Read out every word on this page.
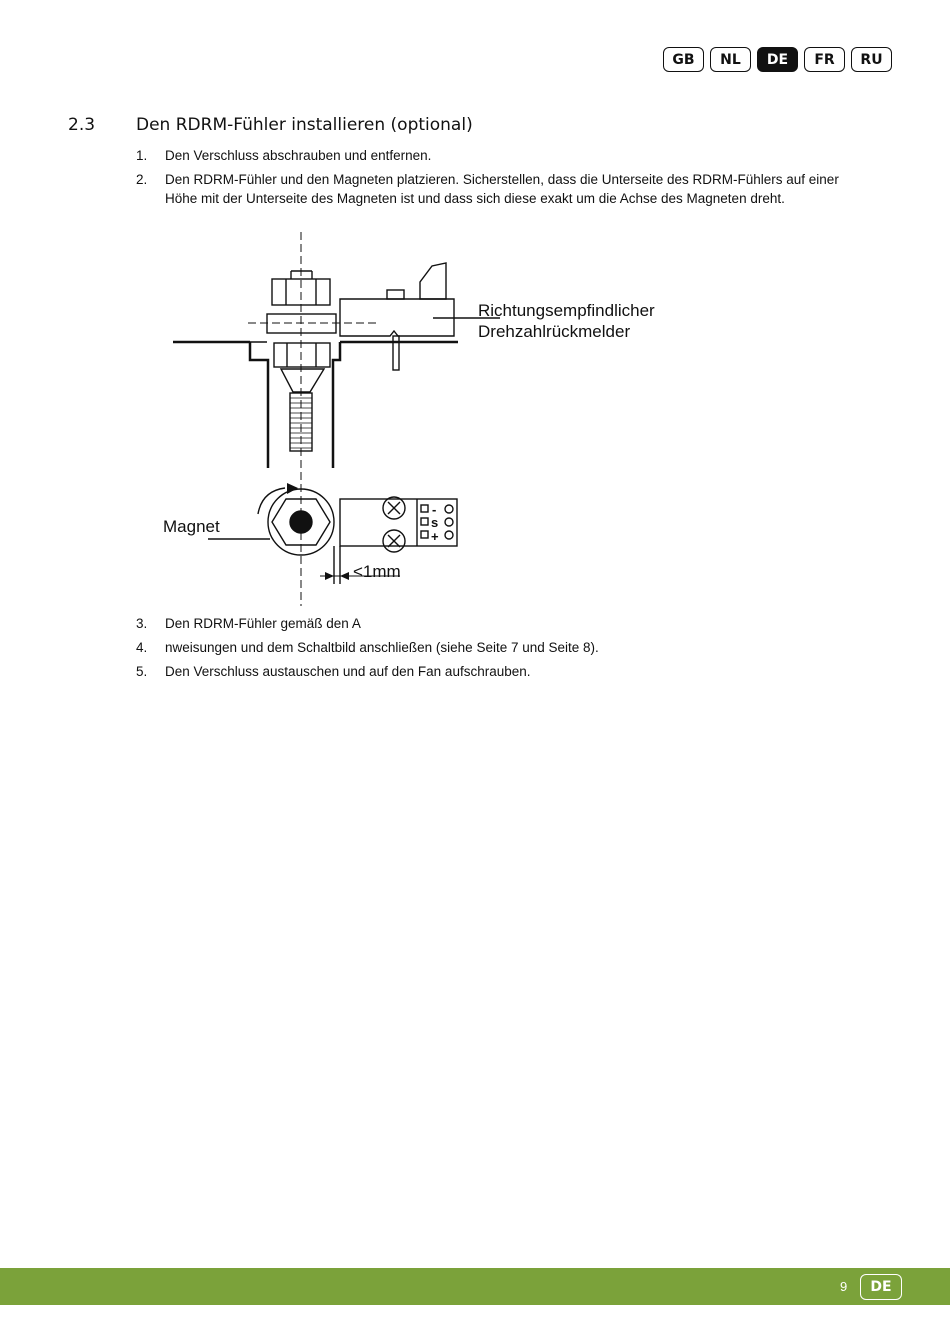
GB	NL	DE	FR	RU
2.3 Den RDRM-Fühler installieren (optional)
1.	Den Verschluss abschrauben und entfernen.
2.	Den RDRM-Fühler und den Magneten platzieren. Sicherstellen, dass die Unterseite des RDRM-Fühlers auf einer Höhe mit der Unterseite des Magneten ist und dass sich diese exakt um die Achse des Magneten dreht.
Richtungsempfindlicher
Drehzahlrückmelder
Magnet
<1mm
-
s
+
3.	Den RDRM-Fühler gemäß den A
4.	nweisungen und dem Schaltbild anschließen (siehe Seite 7 und Seite 8).
5.	Den Verschluss austauschen und auf den Fan aufschrauben.
9	DE
